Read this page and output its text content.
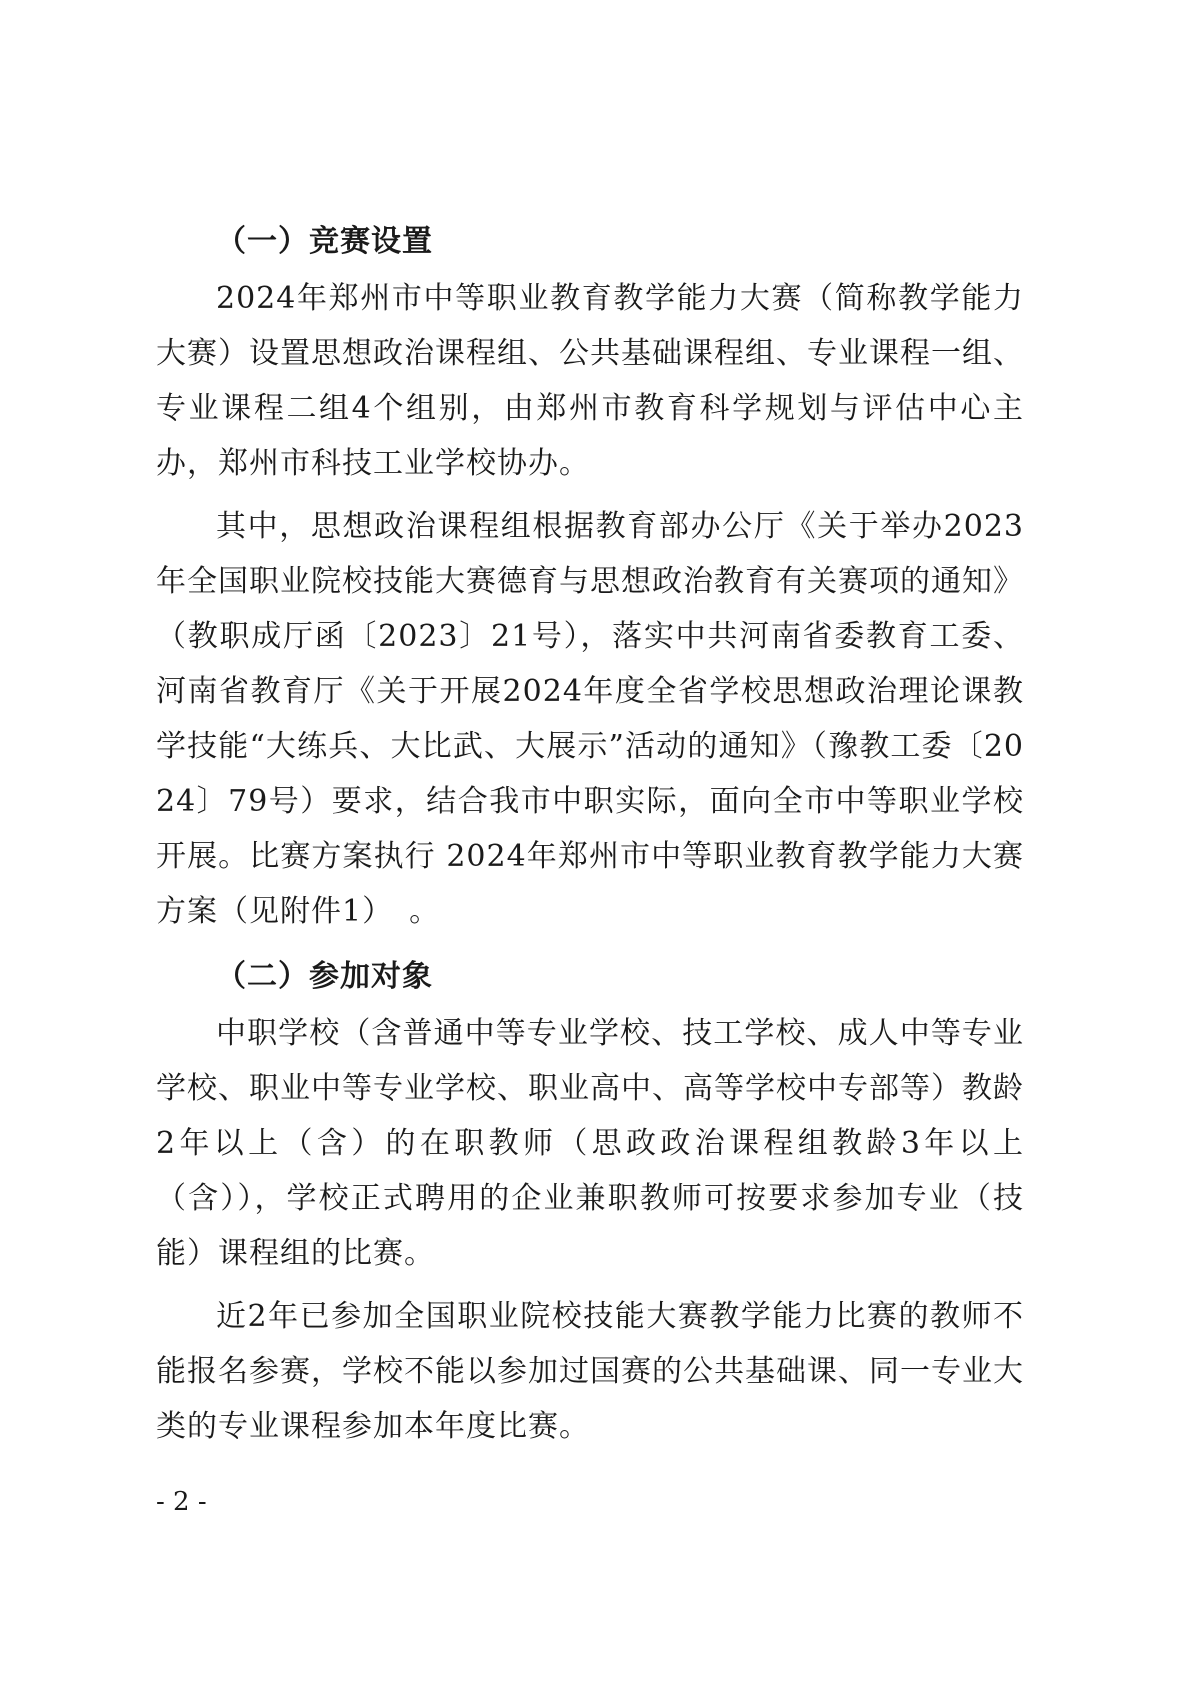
（一）竞赛设置

2024年郑州市中等职业教育教学能力大赛（简称教学能力大赛）设置思想政治课程组、公共基础课程组、专业课程一组、专业课程二组4个组别，由郑州市教育科学规划与评估中心主办，郑州市科技工业学校协办。

其中，思想政治课程组根据教育部办公厅《关于举办2023年全国职业院校技能大赛德育与思想政治教育有关赛项的通知》（教职成厅函〔2023〕21号），落实中共河南省委教育工委、河南省教育厅《关于开展2024年度全省学校思想政治理论课教学技能“大练兵、大比武、大展示”活动的通知》（豫教工委〔2024〕79号）要求，结合我市中职实际，面向全市中等职业学校开展。比赛方案执行 2024年郑州市中等职业教育教学能力大赛方案（见附件1）　。

（二）参加对象

中职学校（含普通中等专业学校、技工学校、成人中等专业学校、职业中等专业学校、职业高中、高等学校中专部等）教龄2年以上（含）的在职教师（思政政治课程组教龄3年以上（含）），学校正式聘用的企业兼职教师可按要求参加专业（技能）课程组的比赛。

近2年已参加全国职业院校技能大赛教学能力比赛的教师不能报名参赛，学校不能以参加过国赛的公共基础课、同一专业大类的专业课程参加本年度比赛。

- 2 -
